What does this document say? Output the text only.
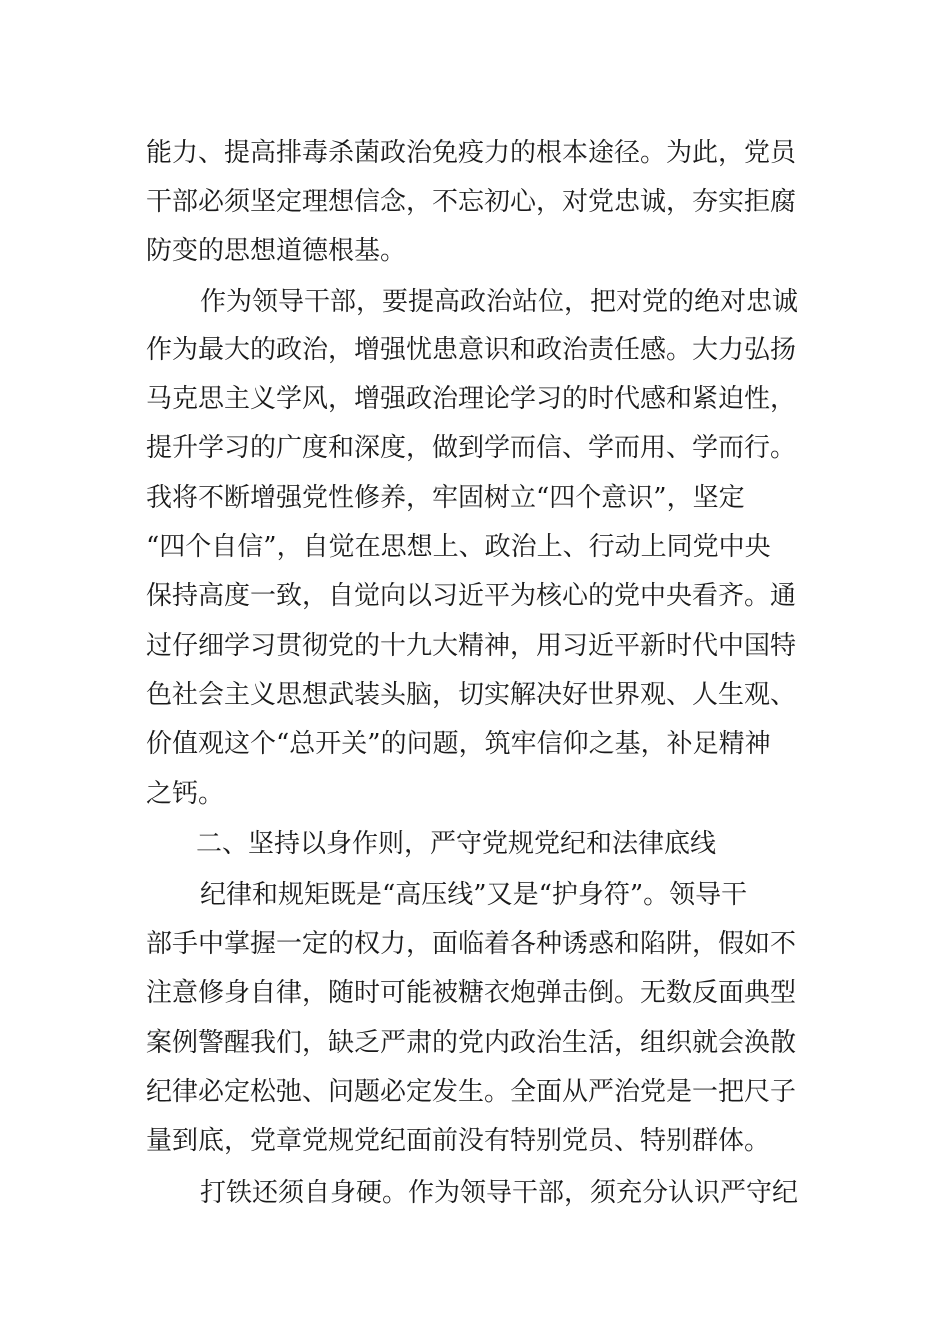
能力、提高排毒杀菌政治免疫力的根本途径。为此，党员
干部必须坚定理想信念，不忘初心，对党忠诚，夯实拒腐
防变的思想道德根基。
作为领导干部，要提高政治站位，把对党的绝对忠诚
作为最大的政治，增强忧患意识和政治责任感。大力弘扬
马克思主义学风，增强政治理论学习的时代感和紧迫性，
提升学习的广度和深度，做到学而信、学而用、学而行。
我将不断增强党性修养，牢固树立“四个意识”，坚定
“四个自信”，自觉在思想上、政治上、行动上同党中央
保持高度一致，自觉向以习近平为核心的党中央看齐。通
过仔细学习贯彻党的十九大精神，用习近平新时代中国特
色社会主义思想武装头脑，切实解决好世界观、人生观、
价值观这个“总开关”的问题，筑牢信仰之基，补足精神
之钙。
二、坚持以身作则，严守党规党纪和法律底线
纪律和规矩既是“高压线”又是“护身符”。领导干
部手中掌握一定的权力，面临着各种诱惑和陷阱，假如不
注意修身自律，随时可能被糖衣炮弹击倒。无数反面典型
案例警醒我们，缺乏严肃的党内政治生活，组织就会涣散
纪律必定松弛、问题必定发生。全面从严治党是一把尺子
量到底，党章党规党纪面前没有特别党员、特别群体。
打铁还须自身硬。作为领导干部，须充分认识严守纪
